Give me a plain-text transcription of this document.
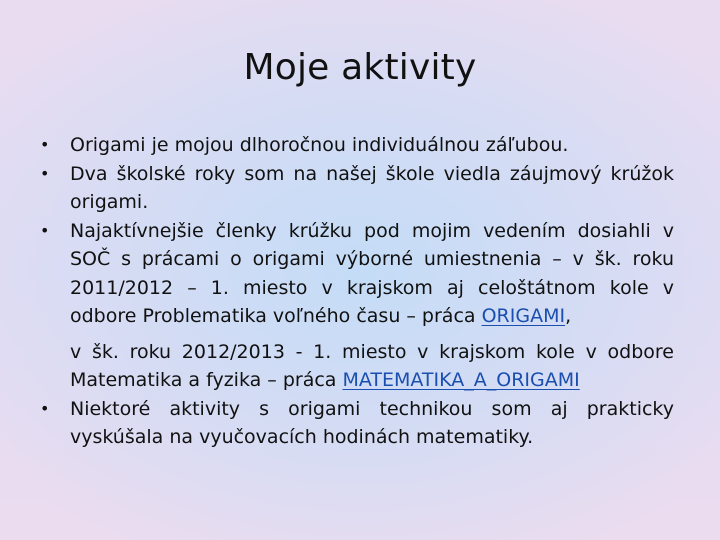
Moje aktivity
•	Origami je mojou dlhoročnou individuálnou záľubou.
•	Dva školské roky som na našej škole viedla záujmový krúžok origami.
•	Najaktívnejšie členky krúžku pod mojim vedením dosiahli v SOČ s prácami o origami výborné umiestnenia – v šk. roku 2011/2012 – 1. miesto v krajskom aj celoštátnom kole v odbore Problematika voľného času – práca ORIGAMI,
v šk. roku 2012/2013 - 1. miesto v krajskom kole v odbore Matematika a fyzika – práca MATEMATIKA_A_ORIGAMI
•	Niektoré aktivity s origami technikou som aj prakticky vyskúšala na vyučovacích hodinách matematiky.
